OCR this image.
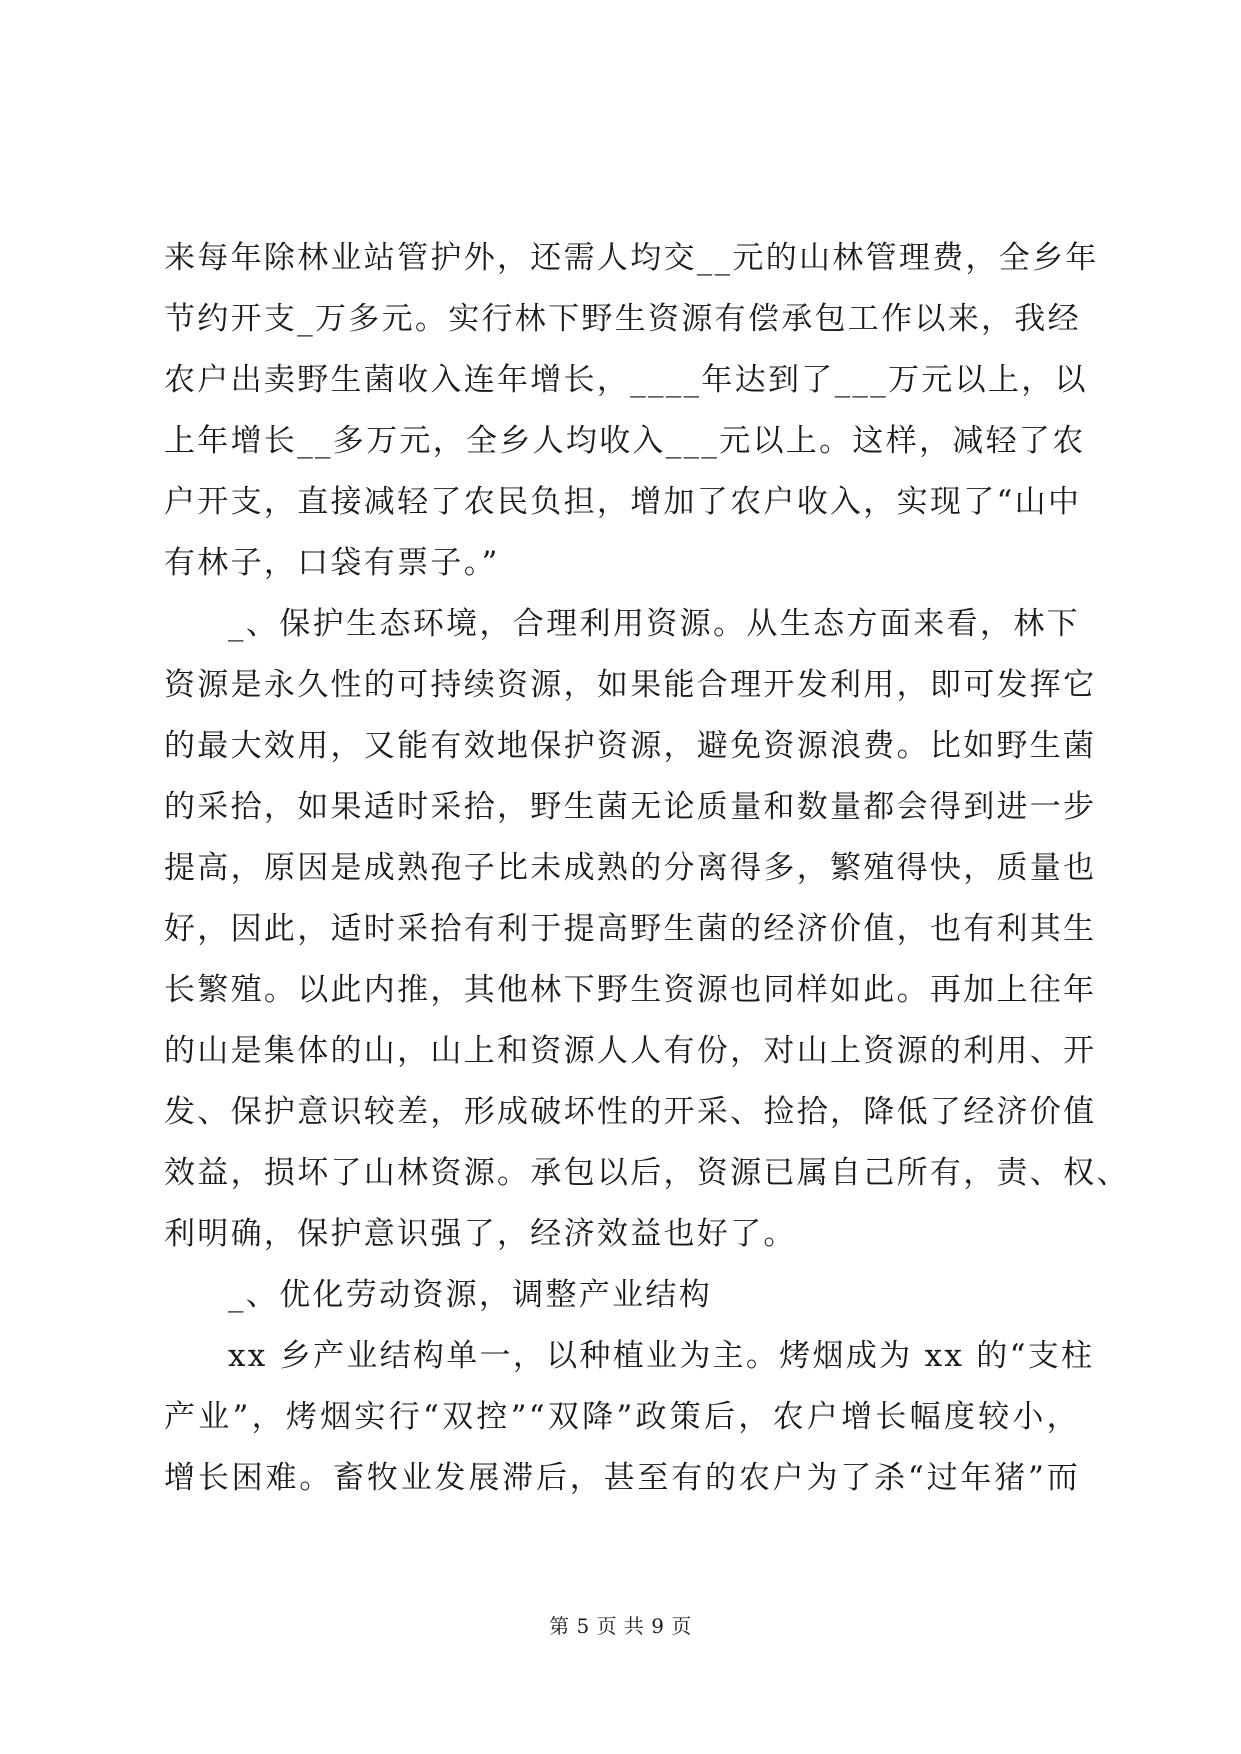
来每年除林业站管护外，还需人均交__元的山林管理费，全乡年
节约开支_万多元。实行林下野生资源有偿承包工作以来，我经
农户出卖野生菌收入连年增长，____年达到了___万元以上，以
上年增长__多万元，全乡人均收入___元以上。这样，减轻了农
户开支，直接减轻了农民负担，增加了农户收入，实现了“山中
有林子，口袋有票子。”
_、保护生态环境，合理利用资源。从生态方面来看，林下
资源是永久性的可持续资源，如果能合理开发利用，即可发挥它
的最大效用，又能有效地保护资源，避免资源浪费。比如野生菌
的采拾，如果适时采拾，野生菌无论质量和数量都会得到进一步
提高，原因是成熟孢子比未成熟的分离得多，繁殖得快，质量也
好，因此，适时采拾有利于提高野生菌的经济价值，也有利其生
长繁殖。以此内推，其他林下野生资源也同样如此。再加上往年
的山是集体的山，山上和资源人人有份，对山上资源的利用、开
发、保护意识较差，形成破坏性的开采、捡拾，降低了经济价值
效益，损坏了山林资源。承包以后，资源已属自己所有，责、权、
利明确，保护意识强了，经济效益也好了。
_、优化劳动资源，调整产业结构
xx 乡产业结构单一，以种植业为主。烤烟成为 xx 的“支柱
产业”，烤烟实行“双控”“双降”政策后，农户增长幅度较小，
增长困难。畜牧业发展滞后，甚至有的农户为了杀“过年猪”而
第 5 页 共 9 页
